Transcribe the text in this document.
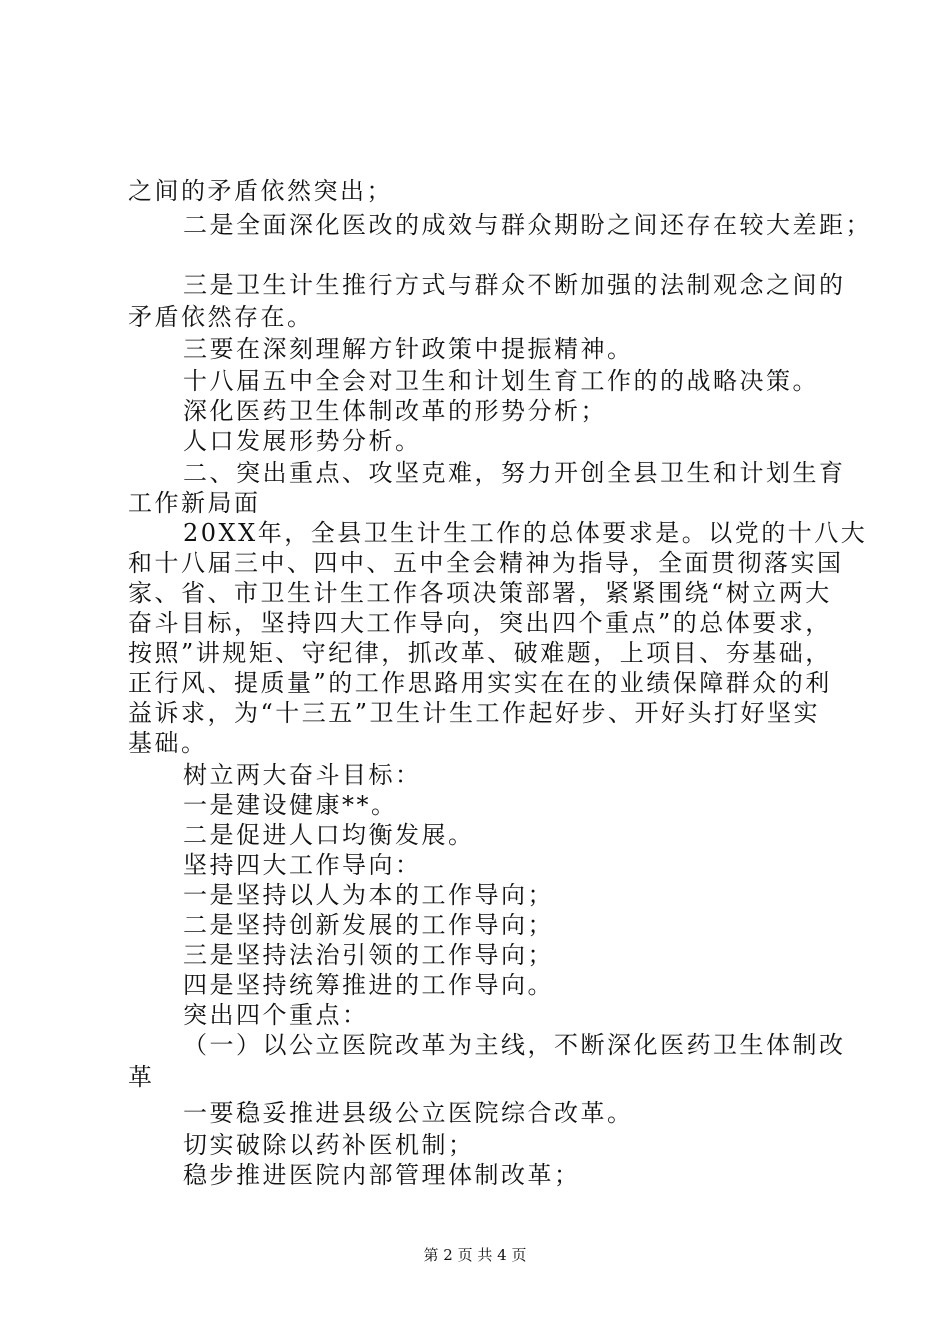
之间的矛盾依然突出；
二是全面深化医改的成效与群众期盼之间还存在较大差距；
三是卫生计生推行方式与群众不断加强的法制观念之间的
矛盾依然存在。
三要在深刻理解方针政策中提振精神。
十八届五中全会对卫生和计划生育工作的的战略决策。
深化医药卫生体制改革的形势分析；
人口发展形势分析。
二、突出重点、攻坚克难，努力开创全县卫生和计划生育
工作新局面
20XX年，全县卫生计生工作的总体要求是。以党的十八大
和十八届三中、四中、五中全会精神为指导，全面贯彻落实国
家、省、市卫生计生工作各项决策部署，紧紧围绕“树立两大
奋斗目标，坚持四大工作导向，突出四个重点”的总体要求，
按照”讲规矩、守纪律，抓改革、破难题，上项目、夯基础，
正行风、提质量”的工作思路用实实在在的业绩保障群众的利
益诉求，为“十三五”卫生计生工作起好步、开好头打好坚实
基础。
树立两大奋斗目标：
一是建设健康**。
二是促进人口均衡发展。
坚持四大工作导向：
一是坚持以人为本的工作导向；
二是坚持创新发展的工作导向；
三是坚持法治引领的工作导向；
四是坚持统筹推进的工作导向。
突出四个重点：
（一）以公立医院改革为主线，不断深化医药卫生体制改
革
一要稳妥推进县级公立医院综合改革。
切实破除以药补医机制；
稳步推进医院内部管理体制改革；
第 2 页 共 4 页
